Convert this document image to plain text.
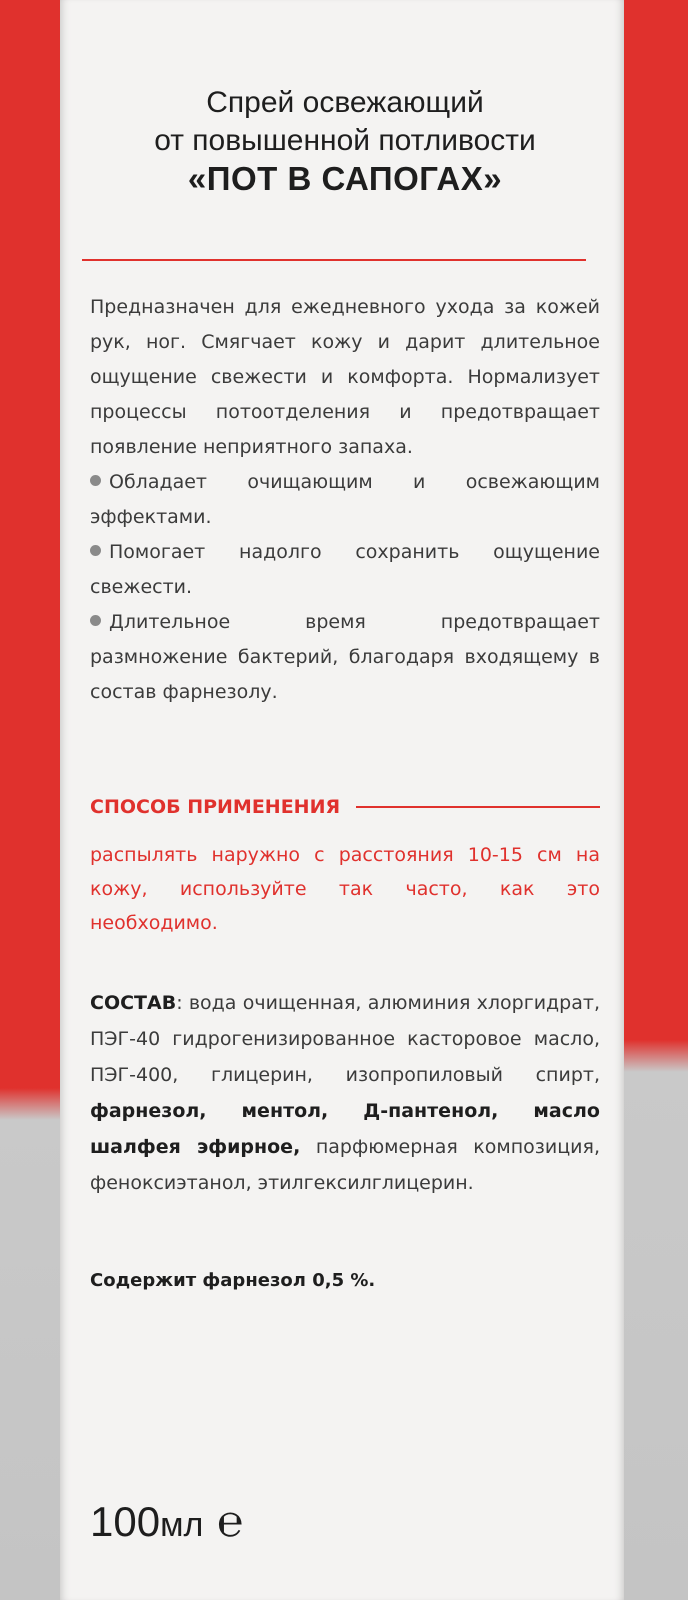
Спрей освежающий
от повышенной потливости
«ПОТ В САПОГАХ»

Предназначен для ежедневного ухода за кожей рук, ног. Смягчает кожу и дарит длительное ощущение свежести и комфорта. Нормализует процессы потоотделения и предотвращает появление неприятного запаха.

Обладает очищающим и освежающим эффектами.

Помогает надолго сохранить ощущение свежести.

Длительное время предотвращает размножение бактерий, благодаря входящему в состав фарнезолу.

СПОСОБ ПРИМЕНЕНИЯ

распылять наружно с расстояния 10-15 см на кожу, используйте так часто, как это необходимо.

СОСТАВ: вода очищенная, алюминия хлоргидрат, ПЭГ-40 гидрогенизированное касторовое масло, ПЭГ-400, глицерин, изопропиловый спирт, фарнезол, ментол, Д-пантенол, масло шалфея эфирное, парфюмерная композиция, феноксиэтанол, этилгексилглицерин.

Содержит фарнезол 0,5 %.
100мл ℮
